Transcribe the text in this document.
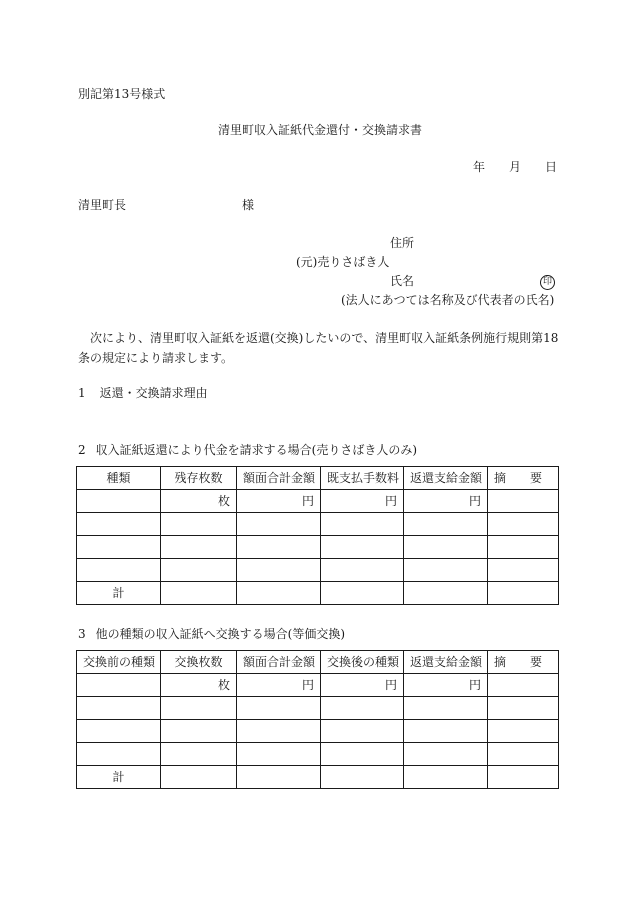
別記第13号様式
清里町収入証紙代金還付・交換請求書
年 月 日
清里町長	様
住所
(元)売りさばき人
氏名	印
(法人にあつては名称及び代表者の氏名)
次により、清里町収入証紙を返還(交換)したいので、清里町収入証紙条例施行規則第18条の規定により請求します。
1 返還・交換請求理由
2 収入証紙返還により代金を請求する場合(売りさばき人のみ)
種類	残存枚数	額面合計金額	既支払手数料	返還支給金額	摘　　要
	枚	円	円	円	

計					
3 他の種類の収入証紙へ交換する場合(等価交換)
交換前の種類	交換枚数	額面合計金額	交換後の種類	返還支給金額	摘　　要
	枚	円	円	円	

計					
